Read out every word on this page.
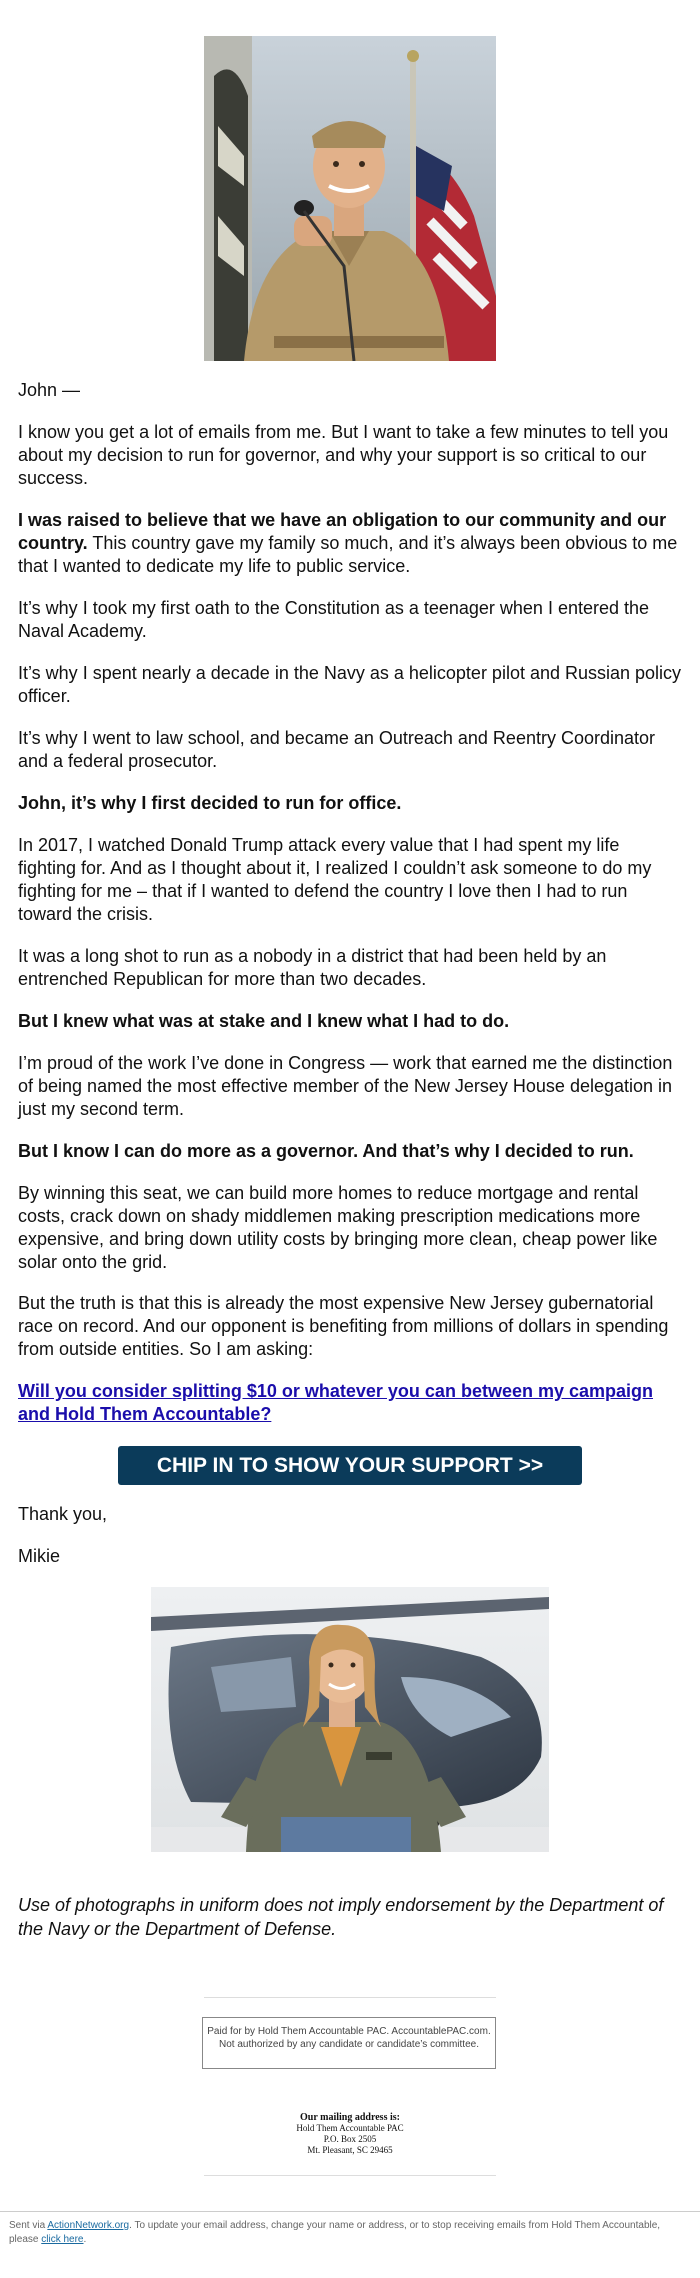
John —

I know you get a lot of emails from me. But I want to take a few minutes to tell you about my decision to run for governor, and why your support is so critical to our success.

I was raised to believe that we have an obligation to our community and our country. This country gave my family so much, and it’s always been obvious to me that I wanted to dedicate my life to public service.

It’s why I took my first oath to the Constitution as a teenager when I entered the Naval Academy.

It’s why I spent nearly a decade in the Navy as a helicopter pilot and Russian policy officer.

It’s why I went to law school, and became an Outreach and Reentry Coordinator and a federal prosecutor.

John, it’s why I first decided to run for office.

In 2017, I watched Donald Trump attack every value that I had spent my life fighting for. And as I thought about it, I realized I couldn’t ask someone to do my fighting for me – that if I wanted to defend the country I love then I had to run toward the crisis.

It was a long shot to run as a nobody in a district that had been held by an entrenched Republican for more than two decades.

But I knew what was at stake and I knew what I had to do.

I’m proud of the work I’ve done in Congress — work that earned me the distinction of being named the most effective member of the New Jersey House delegation in just my second term.

But I know I can do more as a governor. And that’s why I decided to run.

By winning this seat, we can build more homes to reduce mortgage and rental costs, crack down on shady middlemen making prescription medications more expensive, and bring down utility costs by bringing more clean, cheap power like solar onto the grid.

But the truth is that this is already the most expensive New Jersey gubernatorial race on record. And our opponent is benefiting from millions of dollars in spending from outside entities. So I am asking:

Will you consider splitting $10 or whatever you can between my campaign and Hold Them Accountable?
CHIP IN TO SHOW YOUR SUPPORT >>

Thank you,

Mikie

Use of photographs in uniform does not imply endorsement by the Department of the Navy or the Department of Defense.
Paid for by Hold Them Accountable PAC. AccountablePAC.com. Not authorized by any candidate or candidate’s committee.
Our mailing address is:
Hold Them Accountable PAC
P.O. Box 2505
Mt. Pleasant, SC 29465
Sent via ActionNetwork.org. To update your email address, change your name or address, or to stop receiving emails from Hold Them Accountable, please click here.
